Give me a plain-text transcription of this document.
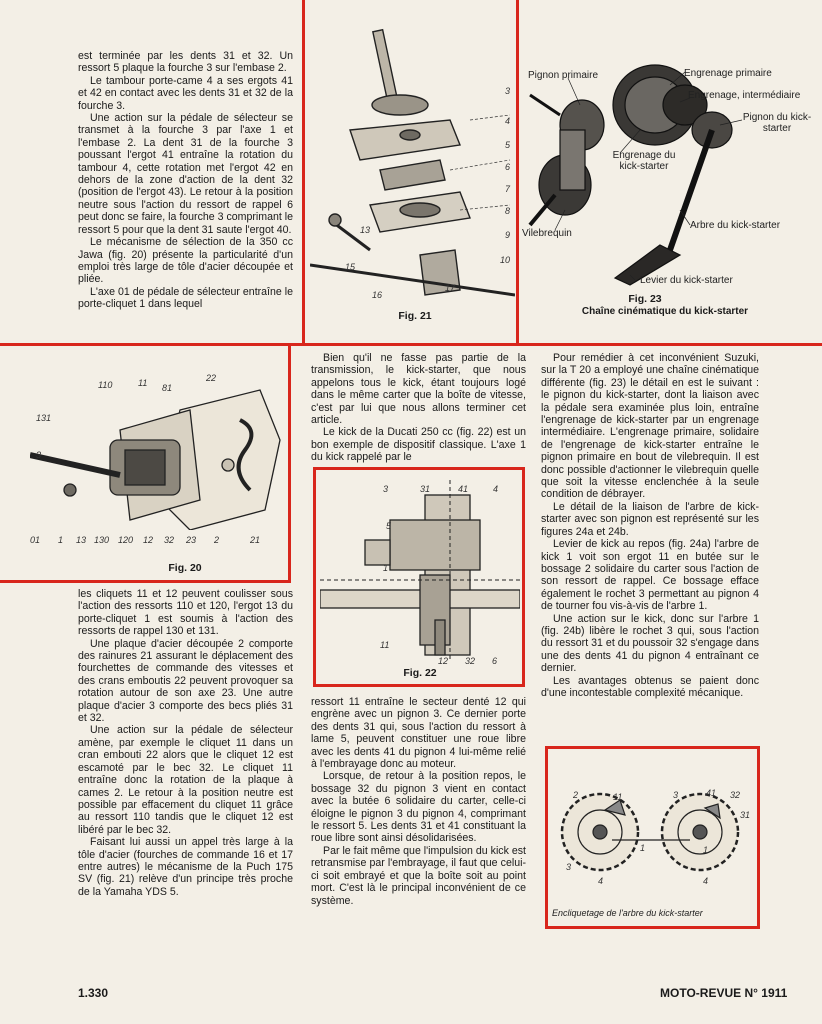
est terminée par les dents 31 et 32. Un ressort 5 plaque la fourche 3 sur l'embase 2.

Le tambour porte-came 4 a ses ergots 41 et 42 en contact avec les dents 31 et 32 de la fourche 3.

Une action sur la pédale de sélecteur se transmet à la fourche 3 par l'axe 1 et l'embase 2. La dent 31 de la fourche 3 poussant l'ergot 41 entraîne la rotation du tambour 4, cette rotation met l'ergot 42 en dehors de la zone d'action de la dent 32 (position de l'ergot 43). Le retour à la position neutre sous l'action du ressort de rappel 6 peut donc se faire, la fourche 3 comprimant le ressort 5 pour que la dent 31 saute l'ergot 40.

Le mécanisme de sélection de la 350 cc Jawa (fig. 20) présente la particularité d'un emploi très large de tôle d'acier découpée et pliée.

L'axe 01 de pédale de sélecteur entraîne le porte-cliquet 1 dans lequel

3
4
5
6
7
8
9
10
13
15
16
17
Fig. 21
Pignon primaire	Engrenage primaire
Engrenage, intermédiaire
Pignon du kick-starter
Engrenage du kick-starter
Vilebrequin
Arbre du kick-starter
Levier du kick-starter
Fig. 23
Chaîne cinématique du kick-starter
110	11 81
22
131
3
01 1 13 130 120 12 32 23 2	21
Fig. 20

les cliquets 11 et 12 peuvent coulisser sous l'action des ressorts 110 et 120, l'ergot 13 du porte-cliquet 1 est soumis à l'action des ressorts de rappel 130 et 131.

Une plaque d'acier découpée 2 comporte des rainures 21 assurant le déplacement des fourchettes de commande des vitesses et des crans emboutis 22 peuvent provoquer sa rotation autour de son axe 23. Une autre plaque d'acier 3 comporte des becs pliés 31 et 32.

Une action sur la pédale de sélecteur amène, par exemple le cliquet 11 dans un cran embouti 22 alors que le cliquet 12 est escamoté par le bec 32. Le cliquet 11 entraîne donc la rotation de la plaque à cames 2. Le retour à la position neutre est possible par effacement du cliquet 11 grâce au ressort 110 tandis que le cliquet 12 est libéré par le bec 32.

Faisant lui aussi un appel très large à la tôle d'acier (fourches de commande 16 et 17 entre autres) le mécanisme de la Puch 175 SV (fig. 21) relève d'un principe très proche de la Yamaha YDS 5.

Bien qu'il ne fasse pas partie de la transmission, le kick-starter, que nous appelons tous le kick, étant toujours logé dans le même carter que la boîte de vitesse, c'est par lui que nous allons terminer cet article.

Le kick de la Ducati 250 cc (fig. 22) est un bon exemple de dispositif classique. L'axe 1 du kick rappelé par le

3	31	41	4
5
1
11
12 32 6
Fig. 22

ressort 11 entraîne le secteur denté 12 qui engrène avec un pignon 3. Ce dernier porte des dents 31 qui, sous l'action du ressort à lame 5, peuvent constituer une roue libre avec les dents 41 du pignon 4 lui-même relié à l'embrayage donc au moteur.

Lorsque, de retour à la position repos, le bossage 32 du pignon 3 vient en contact avec la butée 6 solidaire du carter, celle-ci éloigne le pignon 3 du pignon 4, comprimant le ressort 5. Les dents 31 et 41 constituant la roue libre sont ainsi désolidarisées.

Par le fait même que l'impulsion du kick est retransmise par l'embrayage, il faut que celui-ci soit embrayé et que la boîte soit au point mort. C'est là le principal inconvénient de ce système.

Pour remédier à cet inconvénient Suzuki, sur la T 20 a employé une chaîne cinématique différente (fig. 23) le détail en est le suivant : le pignon du kick-starter, dont la liaison avec la pédale sera examinée plus loin, entraîne l'engrenage de kick-starter par un engrenage intermédiaire. L'engrenage primaire, solidaire de l'engrenage de kick-starter entraîne le pignon primaire en bout de vilebrequin. Il est donc possible d'actionner le vilebrequin quelle que soit la vitesse enclenchée à la seule condition de débrayer.

Le détail de la liaison de l'arbre de kick-starter avec son pignon est représenté sur les figures 24a et 24b.

Levier de kick au repos (fig. 24a) l'arbre de kick 1 voit son ergot 11 en butée sur le bossage 2 solidaire du carter sous l'action de son ressort de rappel. Ce bossage efface également le rochet 3 permettant au pignon 4 de tourner fou vis-à-vis de l'arbre 1.

Une action sur le kick, donc sur l'arbre 1 (fig. 24b) libère le rochet 3 qui, sous l'action du ressort 31 et du poussoir 32 s'engage dans une des dents 41 du pignon 4 entraînant ce dernier.

Les avantages obtenus se paient donc d'une incontestable complexité mécanique.

2	11
1
3
4
3	41 32
31
1
4
Encliquetage de l'arbre du kick-starter
1.330	MOTO-REVUE N° 1911
